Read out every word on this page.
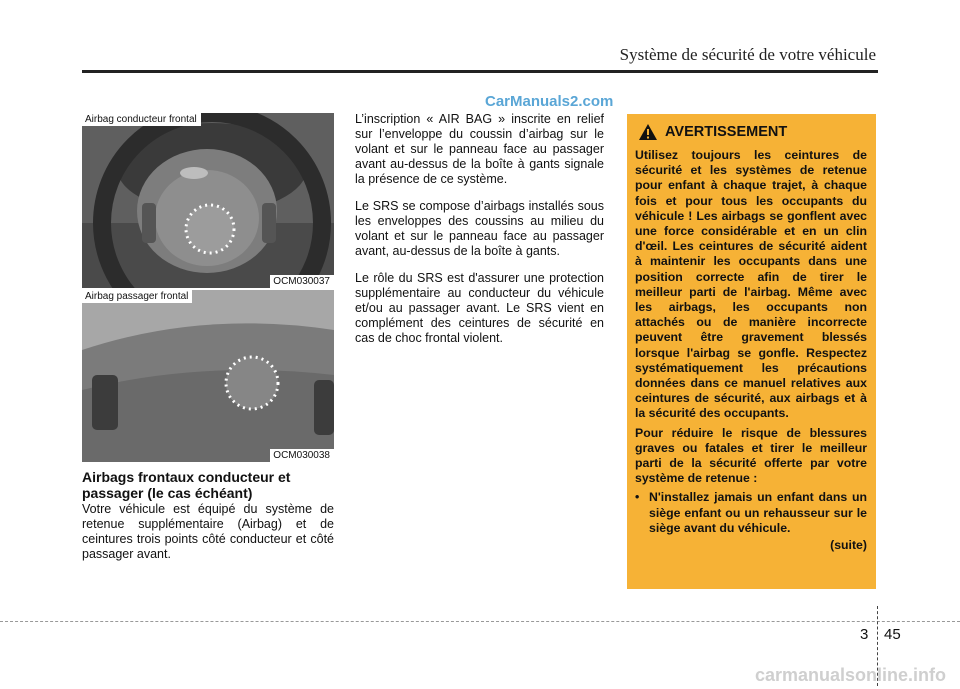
Système de sécurité de votre véhicule
CarManuals2.com
Airbag conducteur frontal
OCM030037
Airbag passager frontal
OCM030038
Airbags frontaux conducteur et passager (le cas échéant)
Votre véhicule est équipé du système de retenue supplémentaire (Airbag) et de ceintures trois points côté conducteur et côté passager avant.

L’inscription « AIR BAG » inscrite en relief sur l’enveloppe du coussin d’airbag sur le volant et sur le panneau face au passager avant au-dessus de la boîte à gants signale la présence de ce système.

Le SRS se compose d’airbags installés sous les enveloppes des coussins au milieu du volant et sur le panneau face au passager avant, au-dessus de la boîte à gants.

Le rôle du SRS est d'assurer une protection supplémentaire au conducteur du véhicule et/ou au passager avant. Le SRS vient en complément des ceintures de sécurité en cas de choc frontal violent.

AVERTISSEMENT

Utilisez toujours les ceintures de sécurité et les systèmes de retenue pour enfant à chaque trajet, à chaque fois et pour tous les occupants du véhicule ! Les airbags se gonflent avec une force considérable et en un clin d'œil. Les ceintures de sécurité aident à maintenir les occupants dans une position correcte afin de tirer le meilleur parti de l'airbag. Même avec les airbags, les occupants non attachés ou de manière incorrecte peuvent être gravement blessés lorsque l'airbag se gonfle. Respectez systématiquement les précautions données dans ce manuel relatives aux ceintures de sécurité, aux airbags et à la sécurité des occupants.

Pour réduire le risque de blessures graves ou fatales et tirer le meilleur parti de la sécurité offerte par votre système de retenue :

• N'installez jamais un enfant dans un siège enfant ou un rehausseur sur le siège avant du véhicule.
(suite)
3 45
carmanualsonline.info
